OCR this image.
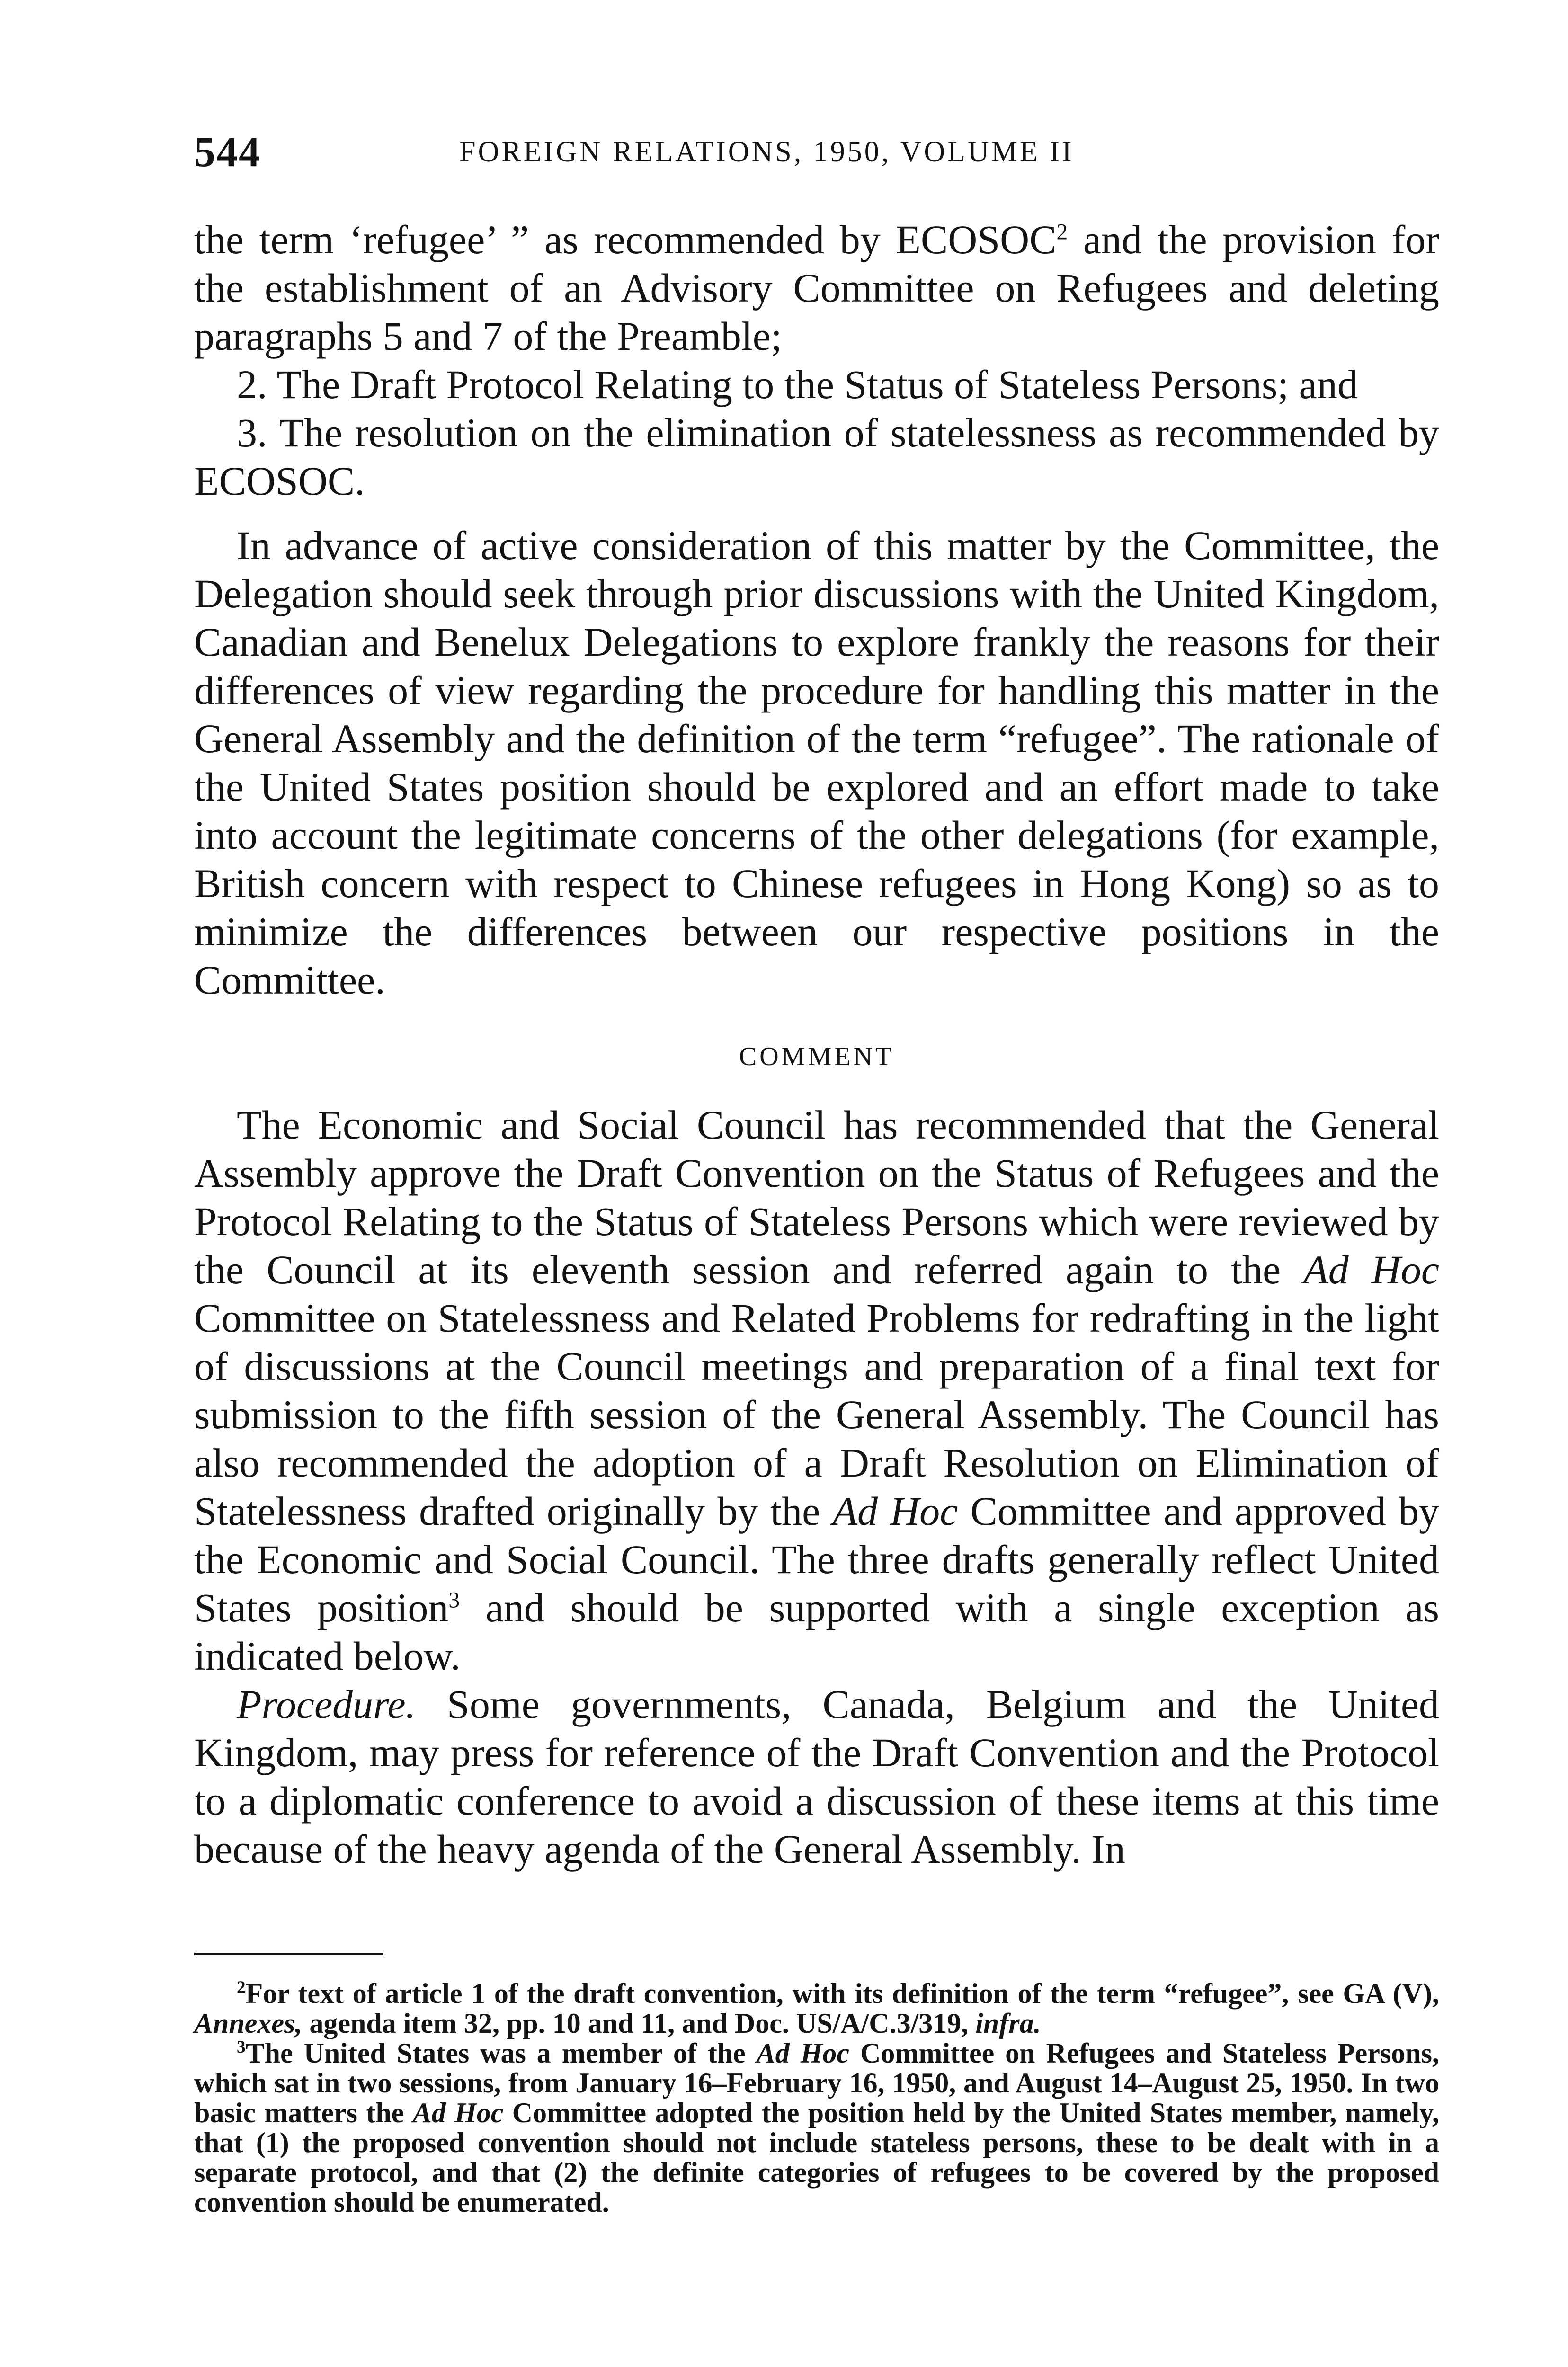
544	FOREIGN RELATIONS, 1950, VOLUME II

the term ‘refugee’ ” as recommended by ECOSOC$^2$ and the provision for the establishment of an Advisory Committee on Refugees and deleting paragraphs 5 and 7 of the Preamble;

2. The Draft Protocol Relating to the Status of Stateless Persons; and

3. The resolution on the elimination of statelessness as recommended by ECOSOC.

In advance of active consideration of this matter by the Committee, the Delegation should seek through prior discussions with the United Kingdom, Canadian and Benelux Delegations to explore frankly the reasons for their differences of view regarding the procedure for handling this matter in the General Assembly and the definition of the term “refugee”. The rationale of the United States position should be explored and an effort made to take into account the legitimate concerns of the other delegations (for example, British concern with respect to Chinese refugees in Hong Kong) so as to minimize the differences between our respective positions in the Committee.

COMMENT

The Economic and Social Council has recommended that the General Assembly approve the Draft Convention on the Status of Refugees and the Protocol Relating to the Status of Stateless Persons which were reviewed by the Council at its eleventh session and referred again to the Ad Hoc Committee on Statelessness and Related Problems for redrafting in the light of discussions at the Council meetings and preparation of a final text for submission to the fifth session of the General Assembly. The Council has also recommended the adoption of a Draft Resolution on Elimination of Statelessness drafted originally by the Ad Hoc Committee and approved by the Economic and Social Council. The three drafts generally reflect United States position$^3$ and should be supported with a single exception as indicated below.

Procedure. Some governments, Canada, Belgium and the United Kingdom, may press for reference of the Draft Convention and the Protocol to a diplomatic conference to avoid a discussion of these items at this time because of the heavy agenda of the General Assembly. In

$^2$For text of article 1 of the draft convention, with its definition of the term “refugee”, see GA (V), Annexes, agenda item 32, pp. 10 and 11, and Doc. US/A/C.3/319, infra.

$^3$The United States was a member of the Ad Hoc Committee on Refugees and Stateless Persons, which sat in two sessions, from January 16–February 16, 1950, and August 14–August 25, 1950. In two basic matters the Ad Hoc Committee adopted the position held by the United States member, namely, that (1) the proposed convention should not include stateless persons, these to be dealt with in a separate protocol, and that (2) the definite categories of refugees to be covered by the proposed convention should be enumerated.
